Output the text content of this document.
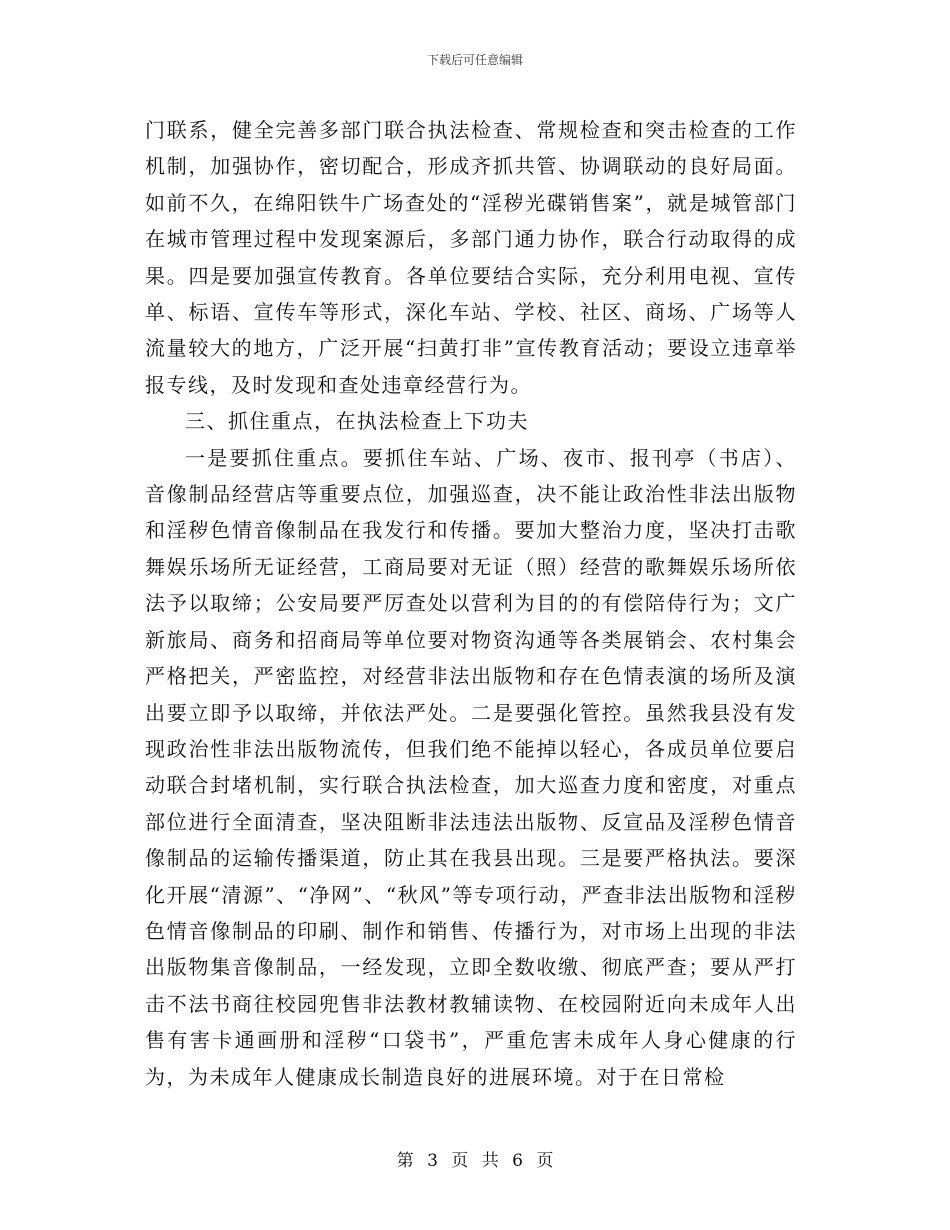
下载后可任意编辑

门联系，健全完善多部门联合执法检查、常规检查和突击检查的工作机制，加强协作，密切配合，形成齐抓共管、协调联动的良好局面。如前不久，在绵阳铁牛广场查处的“淫秽光碟销售案”，就是城管部门在城市管理过程中发现案源后，多部门通力协作，联合行动取得的成果。四是要加强宣传教育。各单位要结合实际，充分利用电视、宣传单、标语、宣传车等形式，深化车站、学校、社区、商场、广场等人流量较大的地方，广泛开展“扫黄打非”宣传教育活动；要设立违章举报专线，及时发现和查处违章经营行为。

三、抓住重点，在执法检查上下功夫

一是要抓住重点。要抓住车站、广场、夜市、报刊亭（书店）、音像制品经营店等重要点位，加强巡查，决不能让政治性非法出版物和淫秽色情音像制品在我发行和传播。要加大整治力度，坚决打击歌舞娱乐场所无证经营，工商局要对无证（照）经营的歌舞娱乐场所依法予以取缔；公安局要严厉查处以营利为目的的有偿陪侍行为；文广新旅局、商务和招商局等单位要对物资沟通等各类展销会、农村集会严格把关，严密监控，对经营非法出版物和存在色情表演的场所及演出要立即予以取缔，并依法严处。二是要强化管控。虽然我县没有发现政治性非法出版物流传，但我们绝不能掉以轻心，各成员单位要启动联合封堵机制，实行联合执法检查，加大巡查力度和密度，对重点部位进行全面清查，坚决阻断非法违法出版物、反宣品及淫秽色情音像制品的运输传播渠道，防止其在我县出现。三是要严格执法。要深化开展“清源”、“净网”、“秋风”等专项行动，严查非法出版物和淫秽色情音像制品的印刷、制作和销售、传播行为，对市场上出现的非法出版物集音像制品，一经发现，立即全数收缴、彻底严查；要从严打击不法书商往校园兜售非法教材教辅读物、在校园附近向未成年人出售有害卡通画册和淫秽“口袋书”，严重危害未成年人身心健康的行为，为未成年人健康成长制造良好的进展环境。对于在日常检

第 3 页 共 6 页
